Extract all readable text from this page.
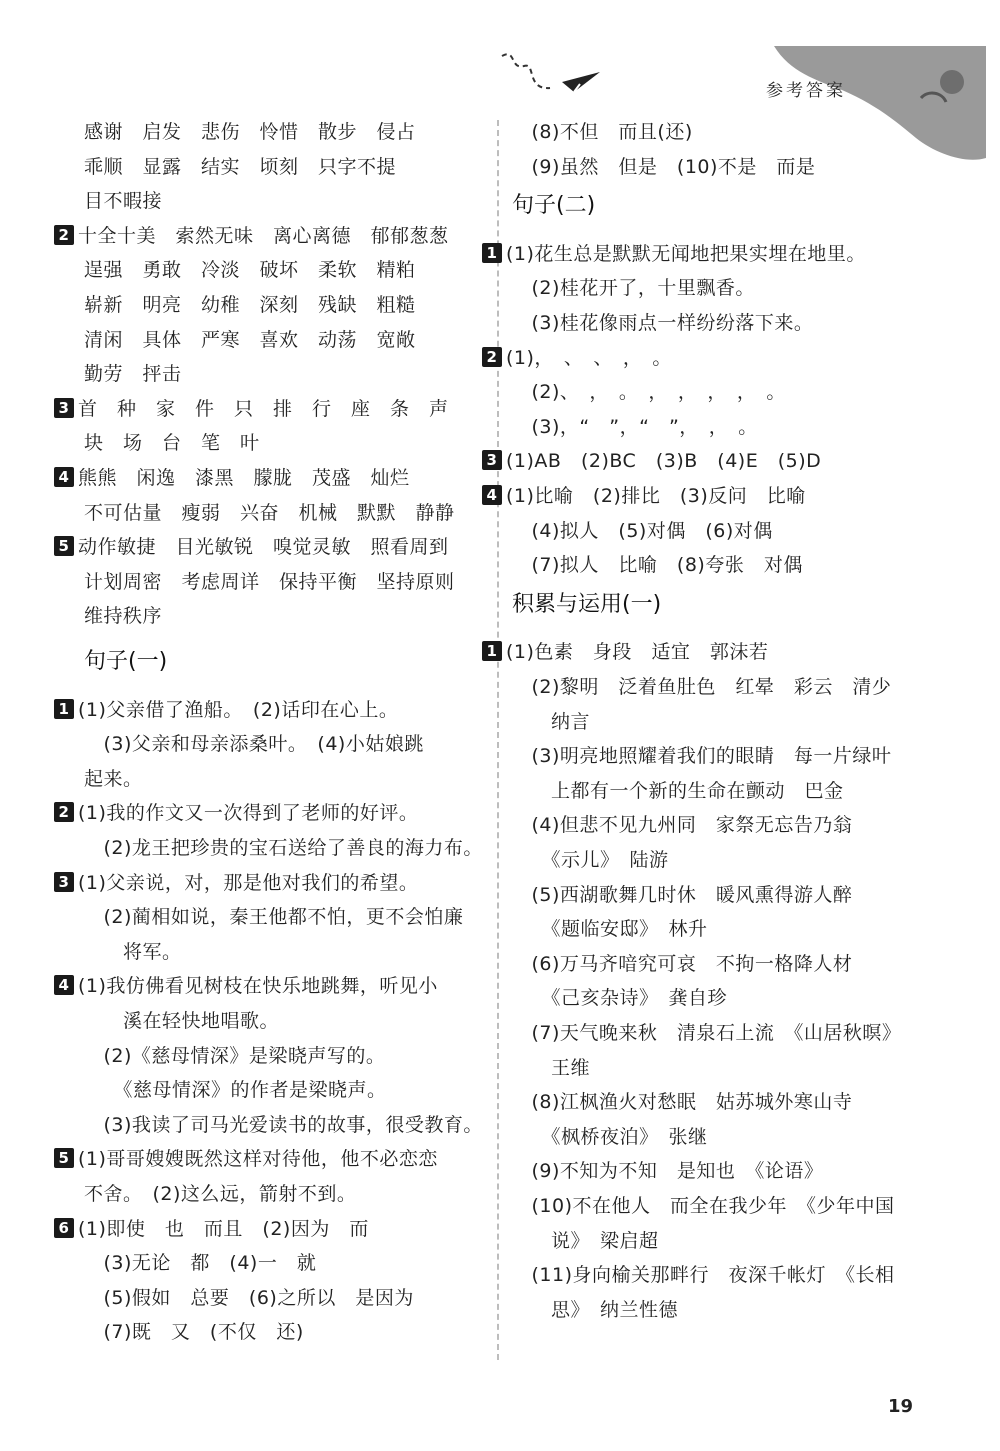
参考答案
感谢　启发　悲伤　怜惜　散步　侵占
乖顺　显露　结实　顷刻　只字不提
目不暇接
2 十全十美　索然无味　离心离德　郁郁葱葱
逞强　勇敢　冷淡　破坏　柔软　精粕
崭新　明亮　幼稚　深刻　残缺　粗糙
清闲　具体　严寒　喜欢　动荡　宽敞
勤劳　抨击
3 首　种　家　件　只　排　行　座　条　声
块　场　台　笔　叶
4 熊熊　闲逸　漆黑　朦胧　茂盛　灿烂
不可估量　瘦弱　兴奋　机械　默默　静静
5 动作敏捷　目光敏锐　嗅觉灵敏　照看周到
计划周密　考虑周详　保持平衡　坚持原则
维持秩序
句子(一)
1 (1)父亲借了渔船。　(2)话印在心上。
　(3)父亲和母亲添桑叶。　(4)小姑娘跳
起来。
2 (1)我的作文又一次得到了老师的好评。
　(2)龙王把珍贵的宝石送给了善良的海力布。
3 (1)父亲说，对，那是他对我们的希望。
　(2)蔺相如说，秦王他都不怕，更不会怕廉
　　将军。
4 (1)我仿佛看见树枝在快乐地跳舞，听见小
　　溪在轻快地唱歌。
　(2)《慈母情深》是梁晓声写的。
　　《慈母情深》的作者是梁晓声。
　(3)我读了司马光爱读书的故事，很受教育。
5 (1)哥哥嫂嫂既然这样对待他，他不必恋恋
不舍。　(2)这么远，箭射不到。
6 (1)即使　也　而且　(2)因为　而
　(3)无论　都　(4)一　就
　(5)假如　总要　(6)之所以　是因为
　(7)既　又　(不仅　还)
　(8)不但　而且(还)
　(9)虽然　但是　(10)不是　而是
句子(二)
1 (1)花生总是默默无闻地把果实埋在地里。
　(2)桂花开了，十里飘香。
　(3)桂花像雨点一样纷纷落下来。
2 (1)，　、　、　，　。
　(2)、　，　。　，　，　，　，　。
　(3)，“　”，“　”，　，　。
3 (1)AB　(2)BC　(3)B　(4)E　(5)D
4 (1)比喻　(2)排比　(3)反问　比喻
　(4)拟人　(5)对偶　(6)对偶
　(7)拟人　比喻　(8)夸张　对偶
积累与运用(一)
1 (1)色素　身段　适宜　郭沫若
　(2)黎明　泛着鱼肚色　红晕　彩云　清少
　　纳言
　(3)明亮地照耀着我们的眼睛　每一片绿叶
　　上都有一个新的生命在颤动　巴金
　(4)但悲不见九州同　家祭无忘告乃翁
　　《示儿》　陆游
　(5)西湖歌舞几时休　暖风熏得游人醉
　　《题临安邸》　林升
　(6)万马齐喑究可哀　不拘一格降人材
　　《己亥杂诗》　龚自珍
　(7)天气晚来秋　清泉石上流　《山居秋暝》
　　王维
　(8)江枫渔火对愁眠　姑苏城外寒山寺
　　《枫桥夜泊》　张继
　(9)不知为不知　是知也　《论语》
　(10)不在他人　而全在我少年　《少年中国
　　说》　梁启超
　(11)身向榆关那畔行　夜深千帐灯　《长相
　　思》　纳兰性德
19
